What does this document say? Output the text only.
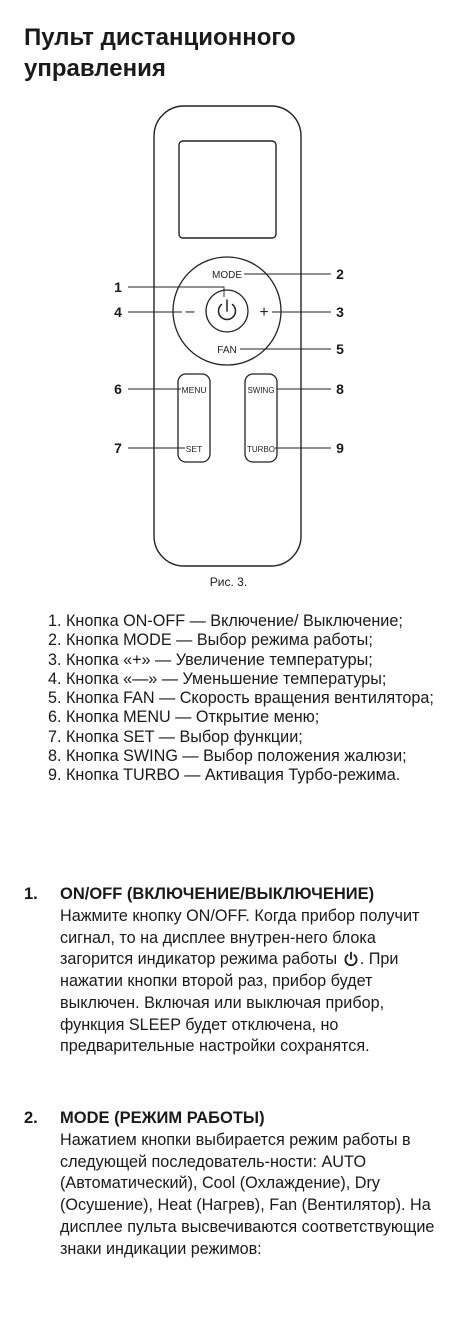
Пульт дистанционного управления
MODE
FAN
–	+
MENU
SET
SWING
TURBO
1
2
3
4
5
6
7
8
9
Рис. 3.
1. Кнопка ON-OFF — Включение/ Выключение;
2. Кнопка MODE — Выбор режима работы;
3. Кнопка «+» — Увеличение температуры;
4. Кнопка «—» — Уменьшение температуры;
5. Кнопка FAN — Скорость вращения вентилятора;
6. Кнопка MENU — Открытие меню;
7. Кнопка SET — Выбор функции;
8. Кнопка SWING — Выбор положения жалюзи;
9. Кнопка TURBO — Активация Турбо-режима.
1. ON/OFF (ВКЛЮЧЕНИЕ/ВЫКЛЮЧЕНИЕ)
Нажмите кнопку ON/OFF. Когда прибор получит сигнал, то на дисплее внутрен-него блока загорится индикатор режима работы . При нажатии кнопки второй раз, прибор будет выключен. Включая или выключая прибор, функция SLEEP будет отключена, но предварительные настройки сохранятся.
2. MODE (РЕЖИМ РАБОТЫ)
Нажатием кнопки выбирается режим работы в следующей последователь-ности: AUTO (Автоматический), Cool (Охлаждение), Dry (Осушение), Heat (Нагрев), Fan (Вентилятор). На дисплее пульта высвечиваются соответствующие знаки индикации режимов:
